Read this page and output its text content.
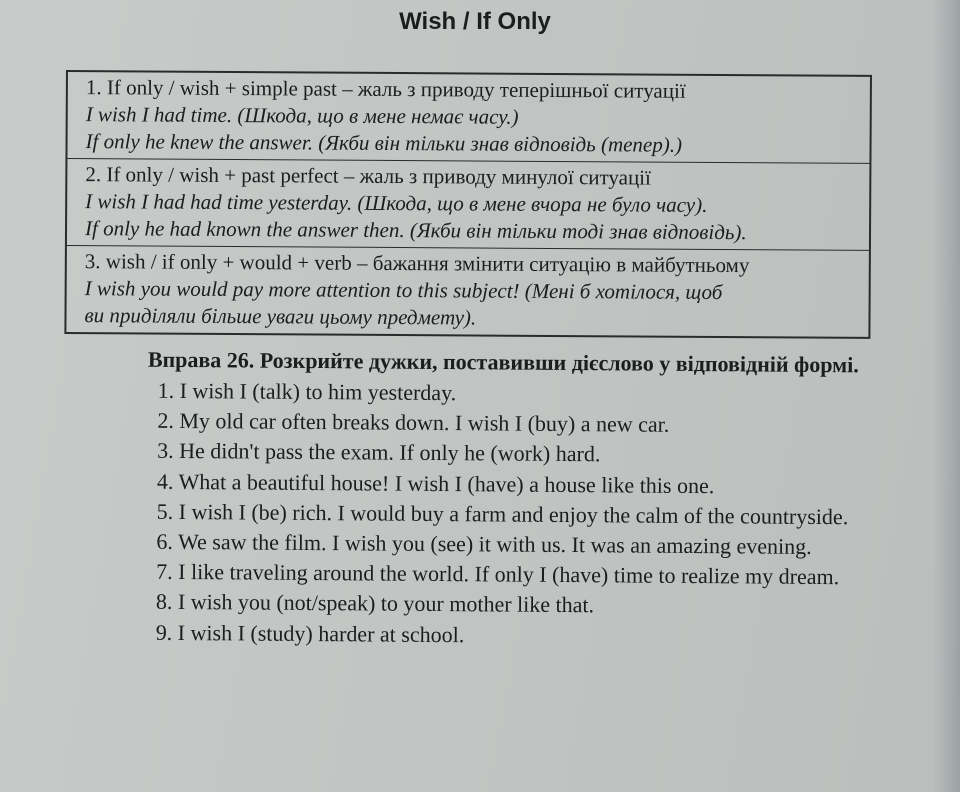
Wish / If Only
1. If only / wish + simple past – жаль з приводу теперішньої ситуації
I wish I had time. (Шкода, що в мене немає часу.)
If only he knew the answer. (Якби він тільки знав відповідь (тепер).)
2. If only / wish + past perfect – жаль з приводу минулої ситуації
I wish I had had time yesterday. (Шкода, що в мене вчора не було часу).
If only he had known the answer then. (Якби він тільки тоді знав відповідь).
3. wish / if only + would + verb – бажання змінити ситуацію в майбутньому
I wish you would pay more attention to this subject! (Мені б хотілося, щоб
ви приділяли більше уваги цьому предмету).
Вправа 26. Розкрийте дужки, поставивши дієслово у відповідній формі.

1. I wish I (talk) to him yesterday.

2. My old car often breaks down. I wish I (buy) a new car.

3. He didn't pass the exam. If only he (work) hard.

4. What a beautiful house! I wish I (have) a house like this one.

5. I wish I (be) rich. I would buy a farm and enjoy the calm of the countryside.

6. We saw the film. I wish you (see) it with us. It was an amazing evening.

7. I like traveling around the world. If only I (have) time to realize my dream.

8. I wish you (not/speak) to your mother like that.

9. I wish I (study) harder at school.
